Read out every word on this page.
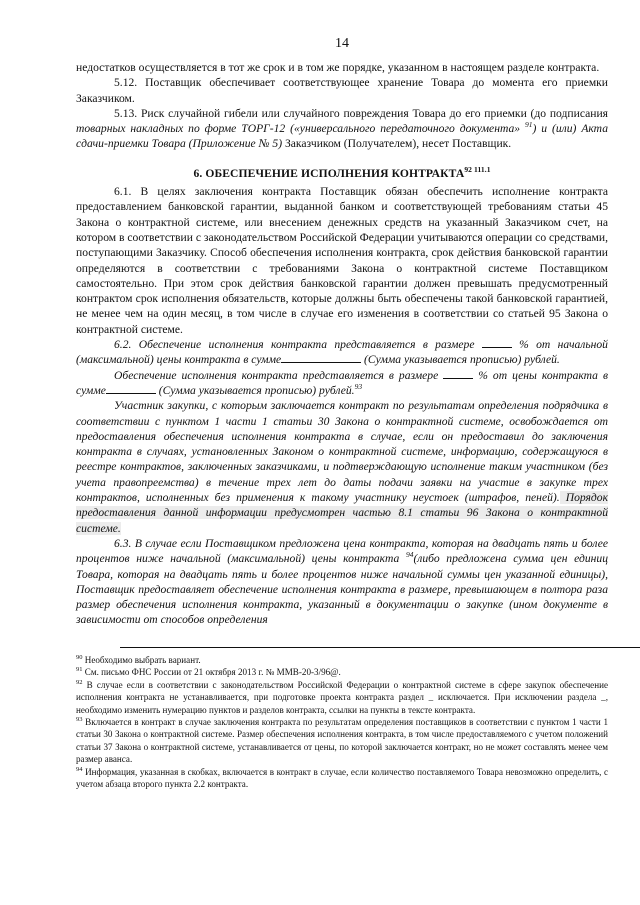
14

недостатков осуществляется в тот же срок и в том же порядке, указанном в настоящем разделе контракта.

5.12. Поставщик обеспечивает соответствующее хранение Товара до момента его приемки Заказчиком.

5.13. Риск случайной гибели или случайного повреждения Товара до его приемки (до подписания товарных накладных по форме ТОРГ-12 («универсального передаточного документа» $^{91}$) и (или) Акта сдачи-приемки Товара (Приложение № 5) Заказчиком (Получателем), несет Поставщик.

6. ОБЕСПЕЧЕНИЕ ИСПОЛНЕНИЯ $КОНТРАКТА^{92 111.1}$

6.1. В целях заключения контракта Поставщик обязан обеспечить исполнение контракта предоставлением банковской гарантии, выданной банком и соответствующей требованиям статьи 45 Закона о контрактной системе, или внесением денежных средств на указанный Заказчиком счет, на котором в соответствии с законодательством Российской Федерации учитываются операции со средствами, поступающими Заказчику. Способ обеспечения исполнения контракта, срок действия банковской гарантии определяются в соответствии с требованиями Закона о контрактной системе Поставщиком самостоятельно. При этом срок действия банковской гарантии должен превышать предусмотренный контрактом срок исполнения обязательств, которые должны быть обеспечены такой банковской гарантией, не менее чем на один месяц, в том числе в случае его изменения в соответствии со статьей 95 Закона о контрактной системе.

6.2. Обеспечение исполнения контракта представляется в размере	% от начальной (максимальной) цены контракта в сумме	(Сумма указывается прописью) рублей.

Обеспечение исполнения контракта представляется в размере	% от цены контракта в сумме	(Сумма указывается прописью) рублей.$^{93}$

Участник закупки, с которым заключается контракт по результатам определения подрядчика в соответствии с пунктом 1 части 1 статьи 30 Закона о контрактной системе, освобождается от предоставления обеспечения исполнения контракта в случае, если он предоставил до заключения контракта в случаях, установленных Законом о контрактной системе, информацию, содержащуюся в реестре контрактов, заключенных заказчиками, и подтверждающую исполнение таким участником (без учета правопреемства) в течение трех лет до даты подачи заявки на участие в закупке трех контрактов, исполненных без применения к такому участнику неустоек (штрафов, пеней). Порядок предоставления данной информации предусмотрен частью 8.1 статьи 96 Закона о контрактной системе.

6.3. В случае если Поставщиком предложена цена контракта, которая на двадцать пять и более процентов ниже начальной (максимальной) цены контракта $^{94}$(либо предложена сумма цен единиц Товара, которая на двадцать пять и более процентов ниже начальной суммы цен указанной единицы), Поставщик предоставляет обеспечение исполнения контракта в размере, превышающем в полтора раза размер обеспечения исполнения контракта, указанный в документации о закупке (ином документе в зависимости от способов определения

$^{90}$ Необходимо выбрать вариант.

$^{91}$ См. письмо ФНС России от 21 октября 2013 г. № ММВ-20-3/96@.

$^{92}$ В случае если в соответствии с законодательством Российской Федерации о контрактной системе в сфере закупок обеспечение исполнения контракта не устанавливается, при подготовке проекта контракта раздел _ исключается. При исключении раздела _, необходимо изменить нумерацию пунктов и разделов контракта, ссылки на пункты в тексте контракта.

$^{93}$ Включается в контракт в случае заключения контракта по результатам определения поставщиков в соответствии с пунктом 1 части 1 статьи 30 Закона о контрактной системе. Размер обеспечения исполнения контракта, в том числе предоставляемого с учетом положений статьи 37 Закона о контрактной системе, устанавливается от цены, по которой заключается контракт, но не может составлять менее чем размер аванса.

$^{94}$ Информация, указанная в скобках, включается в контракт в случае, если количество поставляемого Товара невозможно определить, с учетом абзаца второго пункта 2.2 контракта.
